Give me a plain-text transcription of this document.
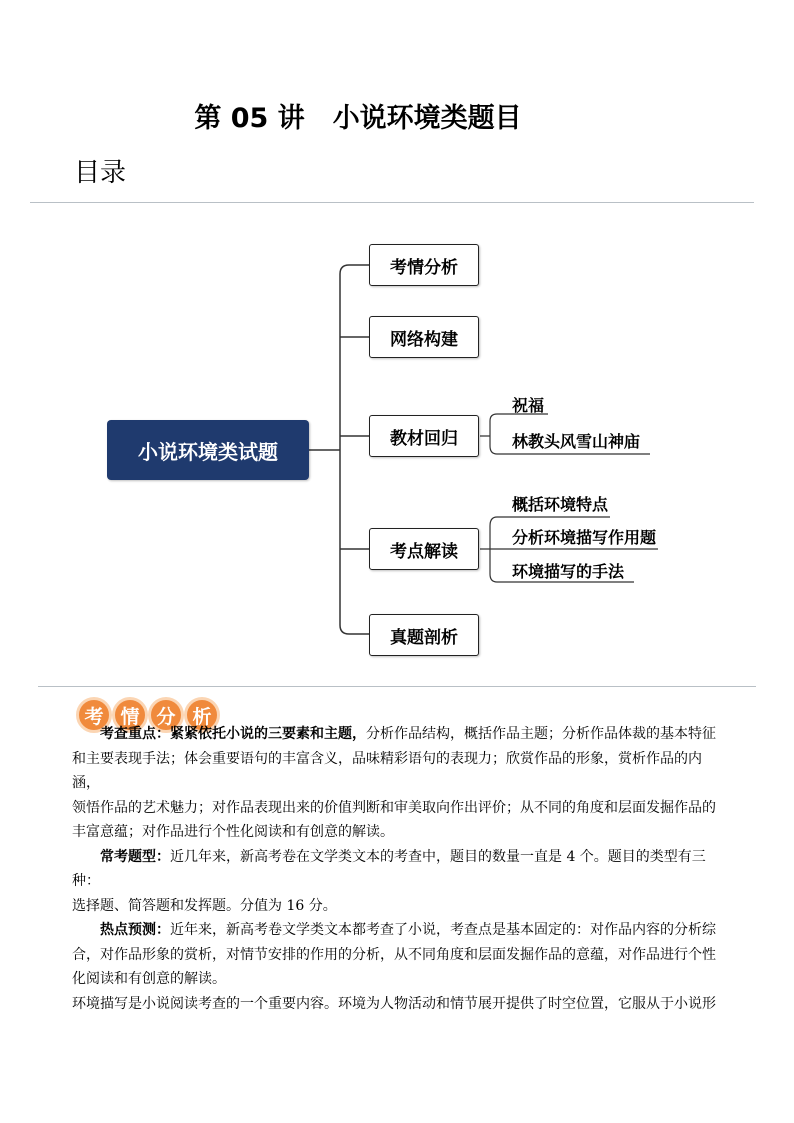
第 05 讲 小说环境类题目
目录
小说环境类试题
考情分析
网络构建
教材回归
考点解读
真题剖析
祝福
林教头风雪山神庙
概括环境特点
分析环境描写作用题
环境描写的手法
考 情 分 析

考查重点：紧紧依托小说的三要素和主题，分析作品结构，概括作品主题；分析作品体裁的基本特征

和主要表现手法；体会重要语句的丰富含义，品味精彩语句的表现力；欣赏作品的形象，赏析作品的内涵，

领悟作品的艺术魅力；对作品表现出来的价值判断和审美取向作出评价；从不同的角度和层面发掘作品的

丰富意蕴；对作品进行个性化阅读和有创意的解读。

常考题型：近几年来，新高考卷在文学类文本的考查中，题目的数量一直是 4 个。题目的类型有三种：

选择题、简答题和发挥题。分值为 16 分。

热点预测：近年来，新高考卷文学类文本都考查了小说，考查点是基本固定的：对作品内容的分析综

合，对作品形象的赏析，对情节安排的作用的分析，从不同角度和层面发掘作品的意蕴，对作品进行个性

化阅读和有创意的解读。

环境描写是小说阅读考查的一个重要内容。环境为人物活动和情节展开提供了时空位置，它服从于小说形
